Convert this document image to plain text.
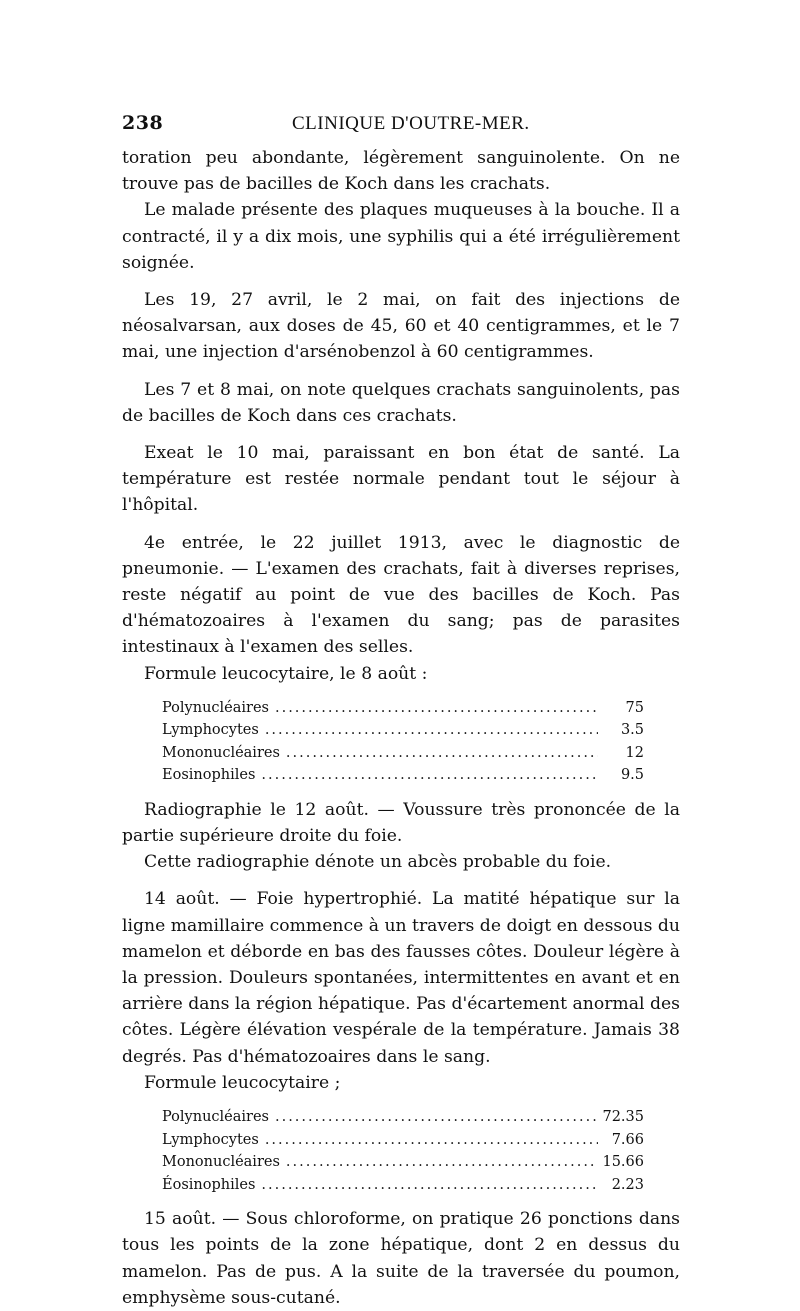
238	CLINIQUE D'OUTRE-MER.

toration peu abondante, légèrement sanguinolente. On ne trouve pas de bacilles de Koch dans les crachats.

Le malade présente des plaques muqueuses à la bouche. Il a contracté, il y a dix mois, une syphilis qui a été irrégulièrement soignée.

Les 19, 27 avril, le 2 mai, on fait des injections de néosalvarsan, aux doses de 45, 60 et 40 centigrammes, et le 7 mai, une injection d'arsénobenzol à 60 centigrammes.

Les 7 et 8 mai, on note quelques crachats sanguinolents, pas de bacilles de Koch dans ces crachats.

Exeat le 10 mai, paraissant en bon état de santé. La température est restée normale pendant tout le séjour à l'hôpital.

4e entrée, le 22 juillet 1913, avec le diagnostic de pneumonie. — L'examen des crachats, fait à diverses reprises, reste négatif au point de vue des bacilles de Koch. Pas d'hématozoaires à l'examen du sang; pas de parasites intestinaux à l'examen des selles.

Formule leucocytaire, le 8 août :

Polynucléaires .....	75
Lymphocytes .....	3.5
Mononucléaires .....	12
Eosinophiles .....	9.5

Radiographie le 12 août. — Voussure très prononcée de la partie supérieure droite du foie.

Cette radiographie dénote un abcès probable du foie.

14 août. — Foie hypertrophié. La matité hépatique sur la ligne mamillaire commence à un travers de doigt en dessous du mamelon et déborde en bas des fausses côtes. Douleur légère à la pression. Douleurs spontanées, intermittentes en avant et en arrière dans la région hépatique. Pas d'écartement anormal des côtes. Légère élévation vespérale de la température. Jamais 38 degrés. Pas d'hématozoaires dans le sang.

Formule leucocytaire ;

Polynucléaires .....	72.35
Lymphocytes .....	7.66
Mononucléaires .....	15.66
Éosinophiles .....	2.23

15 août. — Sous chloroforme, on pratique 26 ponctions dans tous les points de la zone hépatique, dont 2 en dessus du mamelon. Pas de pus. A la suite de la traversée du poumon, emphysème sous-cutané.
